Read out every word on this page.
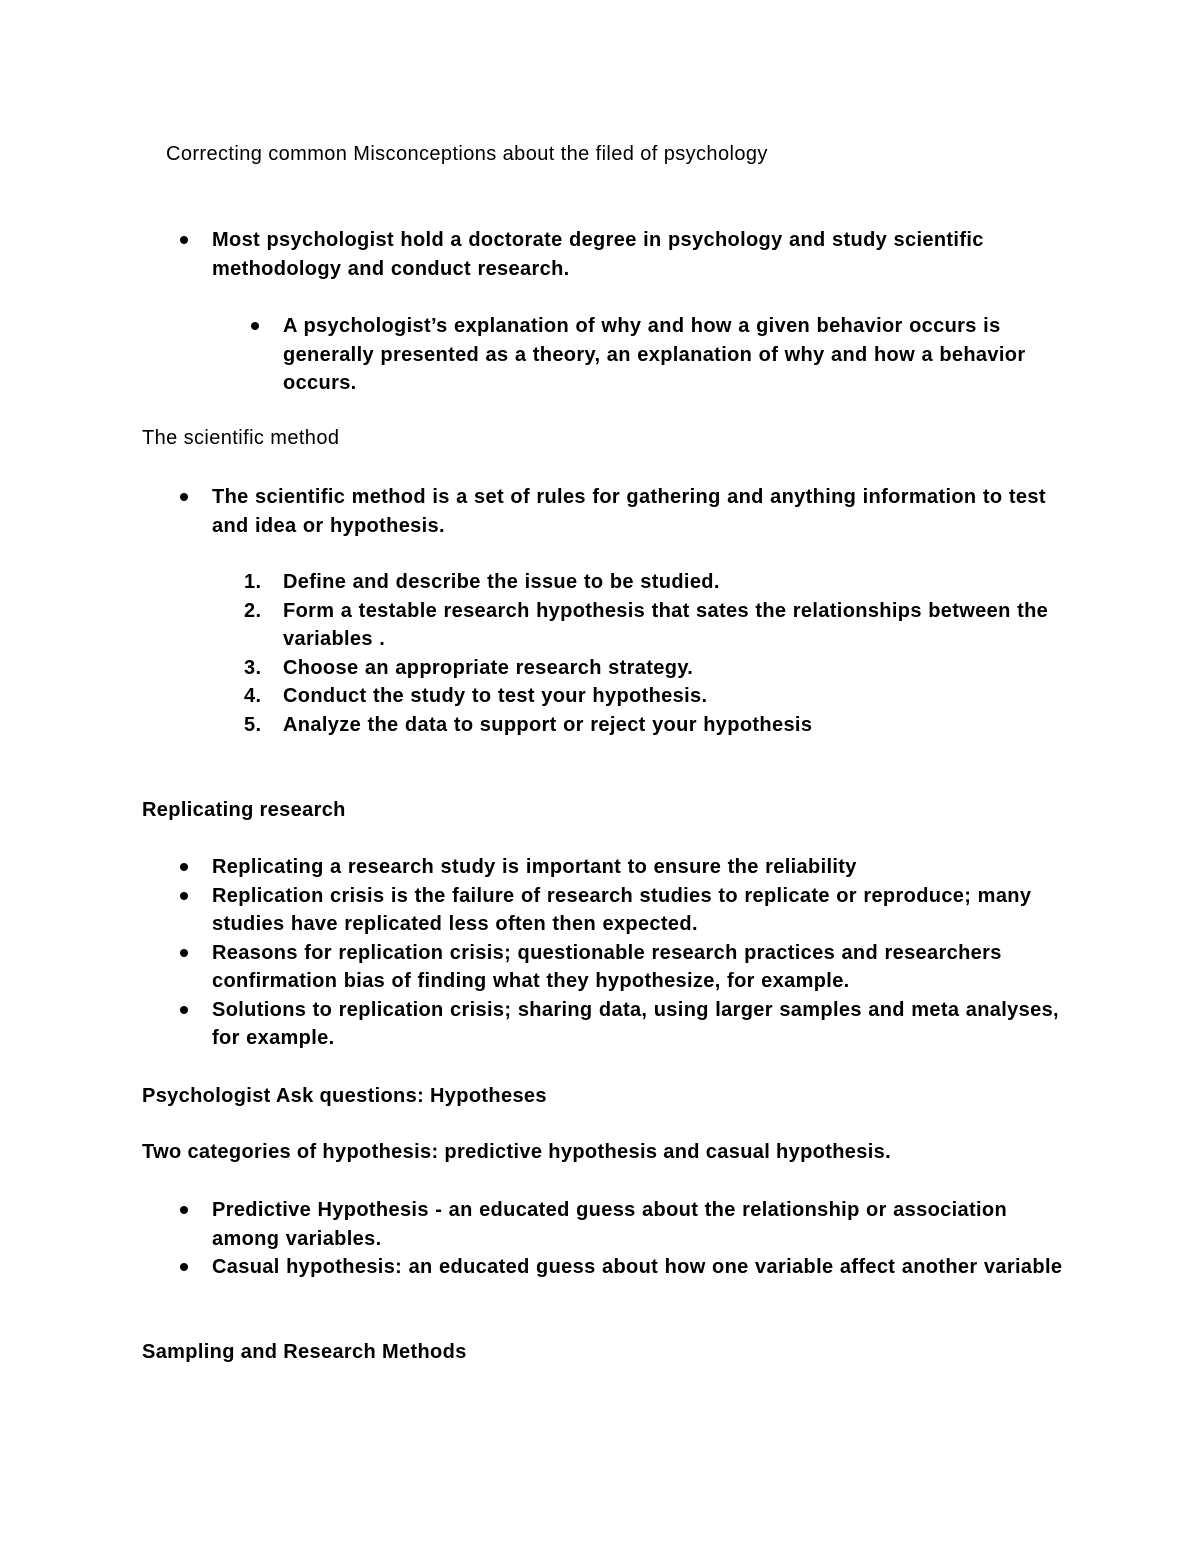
Correcting common Misconceptions about the filed of psychology
Most psychologist hold a doctorate degree in psychology and study scientific methodology and conduct research.
A psychologist’s explanation of why and how a given behavior occurs is generally presented as a theory, an explanation of why and how a behavior occurs.
The scientific method
The scientific method is a set of rules for gathering and anything information to test and idea or hypothesis.
1.	Define and describe the issue to be studied.
2.	Form a testable research hypothesis that sates the relationships between the variables .
3.	Choose an appropriate research strategy.
4.	Conduct the study to test your hypothesis.
5.	Analyze the data to support or reject your hypothesis
Replicating research
Replicating a research study is important to ensure the reliability
Replication crisis is the failure of research studies to replicate or reproduce; many studies have replicated less often then expected.
Reasons for replication crisis; questionable research practices and researchers confirmation bias of finding what they hypothesize, for example.
Solutions to replication crisis; sharing data, using larger samples and meta analyses, for example.
Psychologist Ask questions: Hypotheses
Two categories of hypothesis: predictive hypothesis and casual hypothesis.
Predictive Hypothesis - an educated guess about the relationship or association among variables.
Casual hypothesis: an educated guess about how one variable affect another variable
Sampling and Research Methods
